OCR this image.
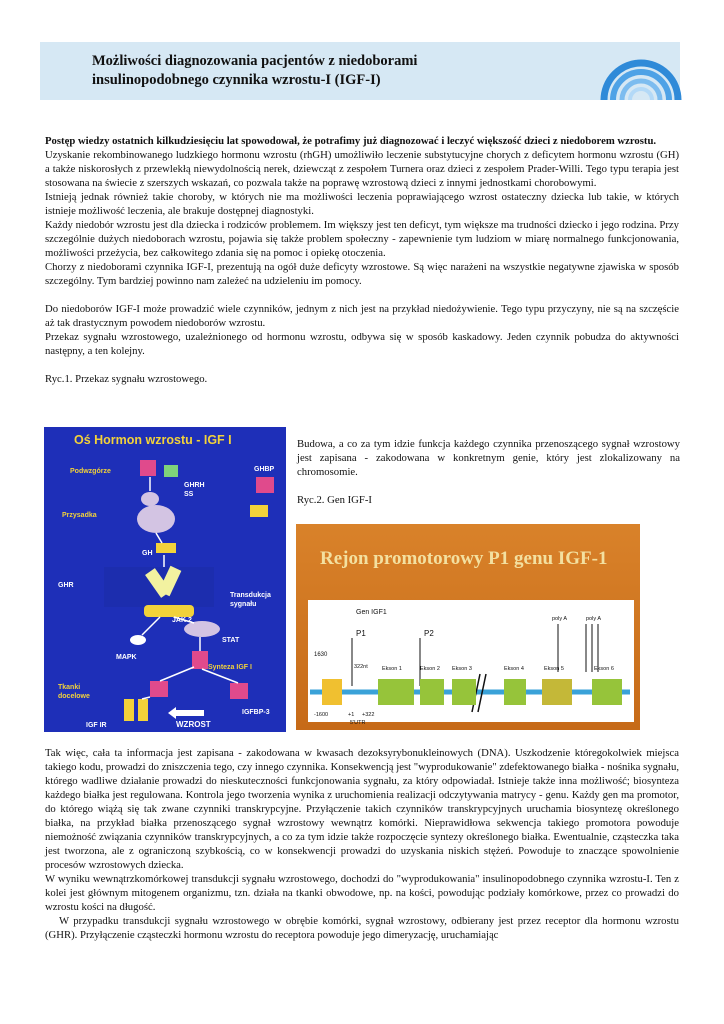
Możliwości diagnozowania pacjentów z niedoborami
insulinopodobnego czynnika wzrostu-I (IGF-I)

Postęp wiedzy ostatnich kilkudziesięciu lat spowodował, że potrafimy już diagnozować i leczyć większość dzieci z niedoborem wzrostu.

Uzyskanie rekombinowanego ludzkiego hormonu wzrostu (rhGH) umożliwiło leczenie substytucyjne chorych z deficytem hormonu wzrostu (GH) a także niskorosłych z przewlekłą niewydolnością nerek, dziewcząt z zespołem Turnera oraz dzieci z zespołem Prader-Willi. Tego typu terapia jest stosowana na świecie z szerszych wskazań, co pozwala także na poprawę wzrostową dzieci z innymi jednostkami chorobowymi.

Istnieją jednak również takie choroby, w których nie ma możliwości leczenia poprawiającego wzrost ostateczny dziecka lub takie, w których istnieje możliwość leczenia, ale brakuje dostępnej diagnostyki.

Każdy niedobór wzrostu jest dla dziecka i rodziców problemem. Im większy jest ten deficyt, tym większe ma trudności dziecko i jego rodzina. Przy szczególnie dużych niedoborach wzrostu, pojawia się także problem społeczny - zapewnienie tym ludziom w miarę normalnego funkcjonowania, możliwości przeżycia, bez całkowitego zdania się na pomoc i opiekę otoczenia.

Chorzy z niedoborami czynnika IGF-I, prezentują na ogół duże deficyty wzrostowe. Są więc narażeni na wszystkie negatywne zjawiska w sposób szczególny. Tym bardziej powinno nam zależeć na udzieleniu im pomocy.

Do niedoborów IGF-I może prowadzić wiele czynników, jednym z nich jest na przykład niedożywienie. Tego typu przyczyny, nie są na szczęście aż tak drastycznym powodem niedoborów wzrostu.

Przekaz sygnału wzrostowego, uzależnionego od hormonu wzrostu, odbywa się w sposób kaskadowy. Jeden czynnik pobudza do aktywności następny, a ten kolejny.

Ryc.1. Przekaz sygnału wzrostowego.

Oś Hormon wzrostu - IGF I
Podwzgórze
Przysadka
GHRH
SS
GHBP
GH
GHR
JAK 2
Transdukcja
sygnału
MAPK
STAT
Synteza IGF I
Tkanki
docelowe
IGFBP-3
IGF IR	WZROST

Budowa, a co za tym idzie funkcja każdego czynnika przenoszącego sygnał wzrostowy jest zapisana - zakodowana w konkretnym genie, który jest zlokalizowany na chromosomie.

Ryc.2. Gen IGF-I

Rejon promotorowy P1 genu IGF-1
Gen IGF1
P1	P2
1630
322nt
poly A	poly A
Ekson 1	Ekson 2 Ekson 3	Ekson 4	Ekson 5	Ekson 6
-1600	+1 +322
5'UTR

Tak więc, cała ta informacja jest zapisana - zakodowana w kwasach dezoksyrybonukleinowych (DNA). Uszkodzenie któregokolwiek miejsca takiego kodu, prowadzi do zniszczenia tego, czy innego czynnika. Konsekwencją jest "wyprodukowanie" zdefektowanego białka - nośnika sygnału, którego wadliwe działanie prowadzi do nieskuteczności funkcjonowania sygnału, za który odpowiadał. Istnieje także inna możliwość; biosynteza każdego białka jest regulowana. Kontrola jego tworzenia wynika z uruchomienia realizacji odczytywania matrycy - genu. Każdy gen ma promotor, do którego wiążą się tak zwane czynniki transkrypcyjne. Przyłączenie takich czynników transkrypcyjnych uruchamia biosyntezę określonego białka, na przykład białka przenoszącego sygnał wzrostowy wewnątrz komórki. Nieprawidłowa sekwencja takiego promotora powoduje niemożność związania czynników transkrypcyjnych, a co za tym idzie także rozpoczęcie syntezy określonego białka. Ewentualnie, cząsteczka taka jest tworzona, ale z ograniczoną szybkością, co w konsekwencji prowadzi do uzyskania niskich stężeń. Powoduje to znaczące spowolnienie procesów wzrostowych dziecka.

W wyniku wewnątrzkomórkowej transdukcji sygnału wzrostowego, dochodzi do "wyprodukowania" insulinopodobnego czynnika wzrostu-I. Ten z kolei jest głównym mitogenem organizmu, tzn. działa na tkanki obwodowe, np. na kości, powodując podziały komórkowe, przez co prowadzi do wzrostu kości na długość.

W przypadku transdukcji sygnału wzrostowego w obrębie komórki, sygnał wzrostowy, odbierany jest przez receptor dla hormonu wzrostu (GHR). Przyłączenie cząsteczki hormonu wzrostu do receptora powoduje jego dimeryzację, uruchamiając
